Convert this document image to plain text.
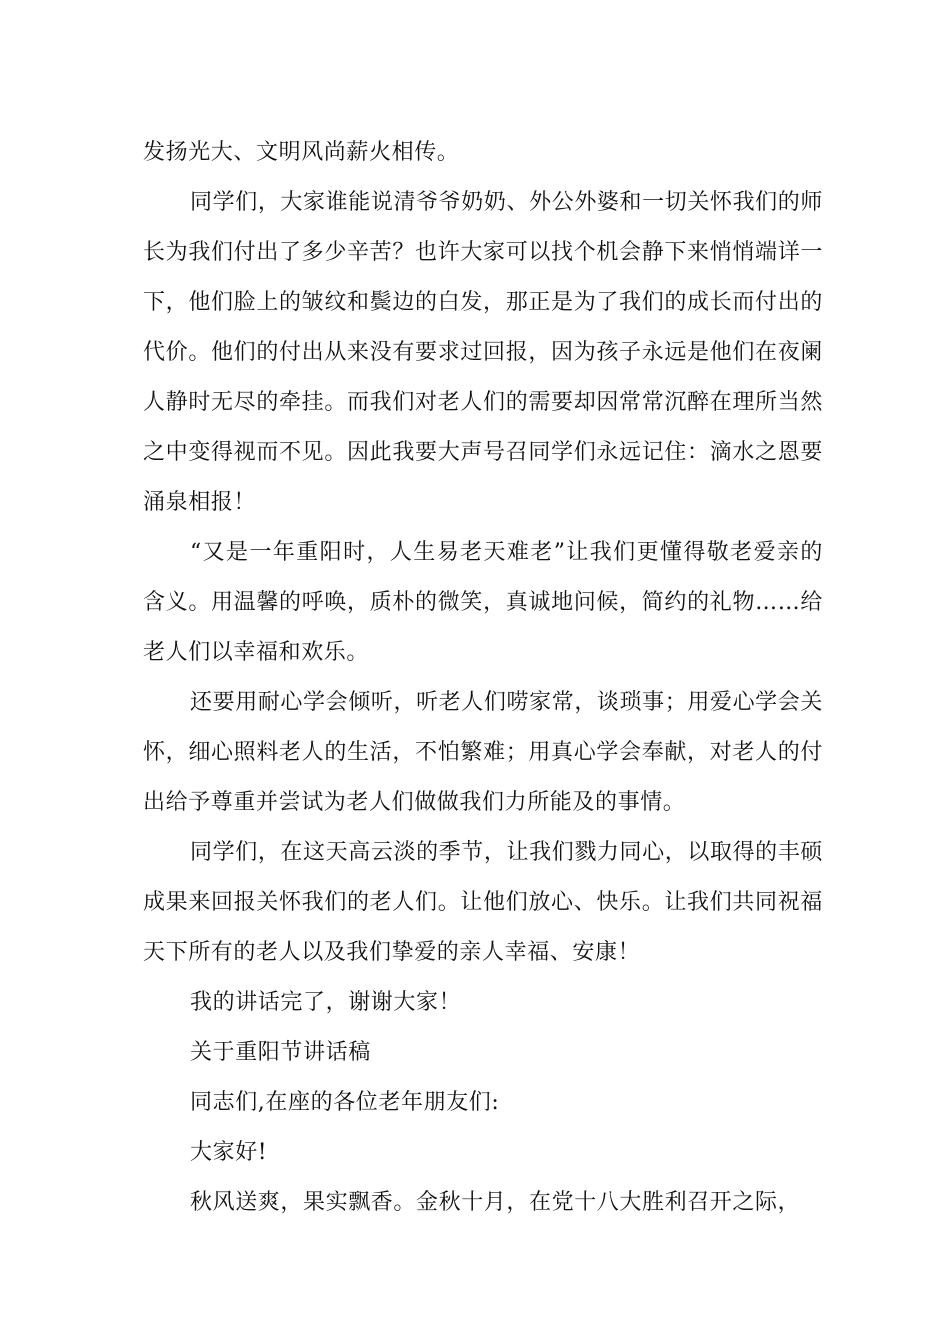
发扬光大、文明风尚薪火相传。

同学们，大家谁能说清爷爷奶奶、外公外婆和一切关怀我们的师长为我们付出了多少辛苦？也许大家可以找个机会静下来悄悄端详一下，他们脸上的皱纹和鬓边的白发，那正是为了我们的成长而付出的代价。他们的付出从来没有要求过回报，因为孩子永远是他们在夜阑人静时无尽的牵挂。而我们对老人们的需要却因常常沉醉在理所当然之中变得视而不见。因此我要大声号召同学们永远记住：滴水之恩要涌泉相报！

“又是一年重阳时，人生易老天难老”让我们更懂得敬老爱亲的含义。用温馨的呼唤，质朴的微笑，真诚地问候，简约的礼物……给老人们以幸福和欢乐。

还要用耐心学会倾听，听老人们唠家常，谈琐事；用爱心学会关怀，细心照料老人的生活，不怕繁难；用真心学会奉献，对老人的付出给予尊重并尝试为老人们做做我们力所能及的事情。

同学们，在这天高云淡的季节，让我们戮力同心，以取得的丰硕成果来回报关怀我们的老人们。让他们放心、快乐。让我们共同祝福天下所有的老人以及我们挚爱的亲人幸福、安康！

我的讲话完了，谢谢大家！

关于重阳节讲话稿

同志们,在座的各位老年朋友们:

大家好!

秋风送爽，果实飘香。金秋十月，在党十八大胜利召开之际，
